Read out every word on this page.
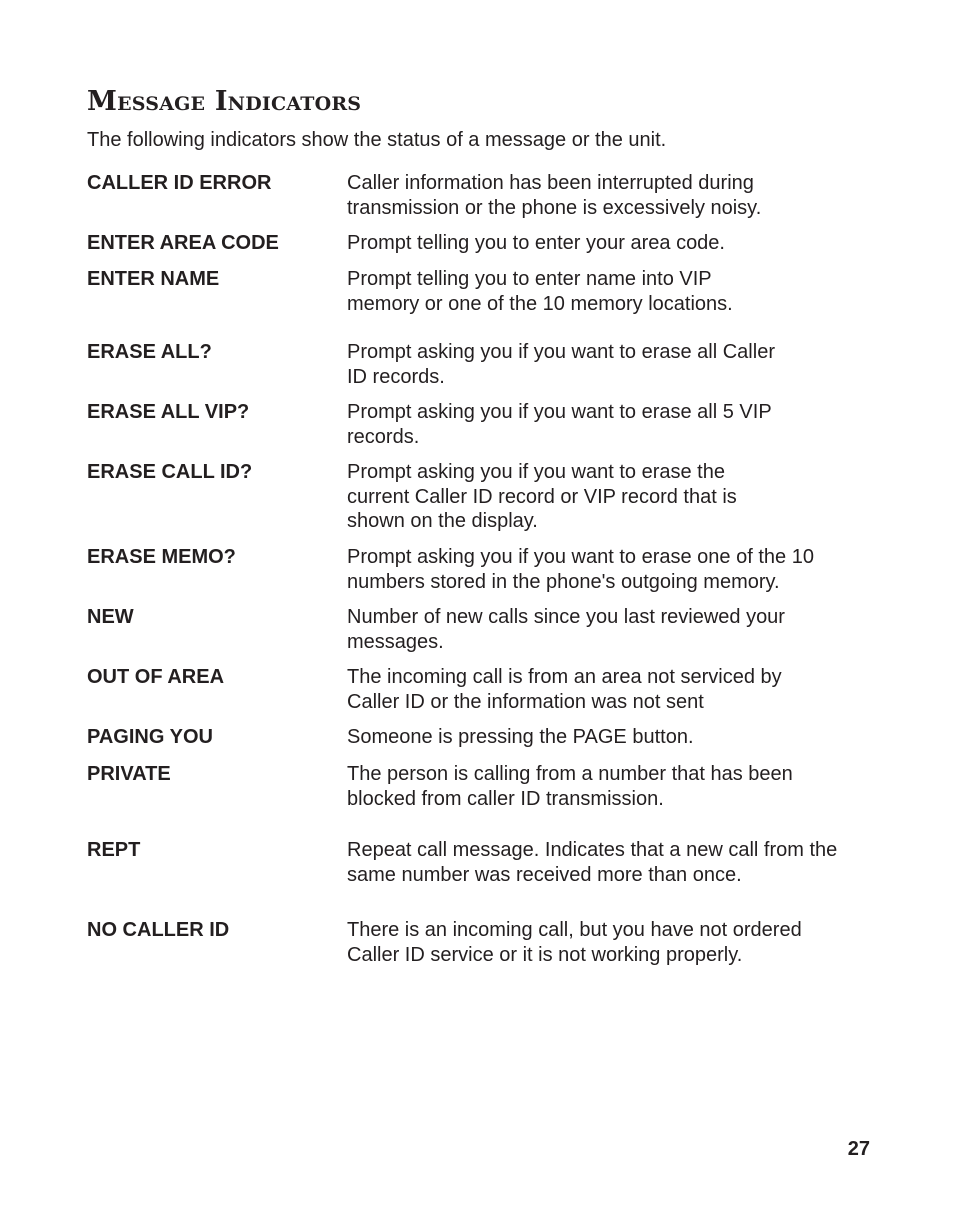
Message Indicators
The following indicators show the status of a message or the unit.
CALLER ID ERROR	Caller information has been interrupted during
transmission or the phone is excessively noisy.
ENTER AREA CODE	Prompt telling you to enter your area code.
ENTER NAME	Prompt telling you to enter name into VIP
memory or one of the 10 memory locations.
ERASE ALL?	Prompt asking you if you want to erase all Caller
ID records.
ERASE ALL VIP?	Prompt asking you if you want to erase all 5 VIP
records.
ERASE CALL ID?	Prompt asking you if you want to erase the
current Caller ID record or VIP record that is
shown on the display.
ERASE MEMO?	Prompt asking you if you want to erase one of the 10
numbers stored in the phone's outgoing memory.
NEW	Number of new calls since you last reviewed your
messages.
OUT OF AREA	The incoming call is from an area not serviced by
Caller ID or the information was not sent
PAGING YOU	Someone is pressing the PAGE button.
PRIVATE	The person is calling from a number that has been
blocked from caller ID transmission.
REPT	Repeat call message. Indicates that a new call from the
same number was received more than once.
NO CALLER ID	There is an incoming call, but you have not ordered
Caller ID service or it is not working properly.
27
